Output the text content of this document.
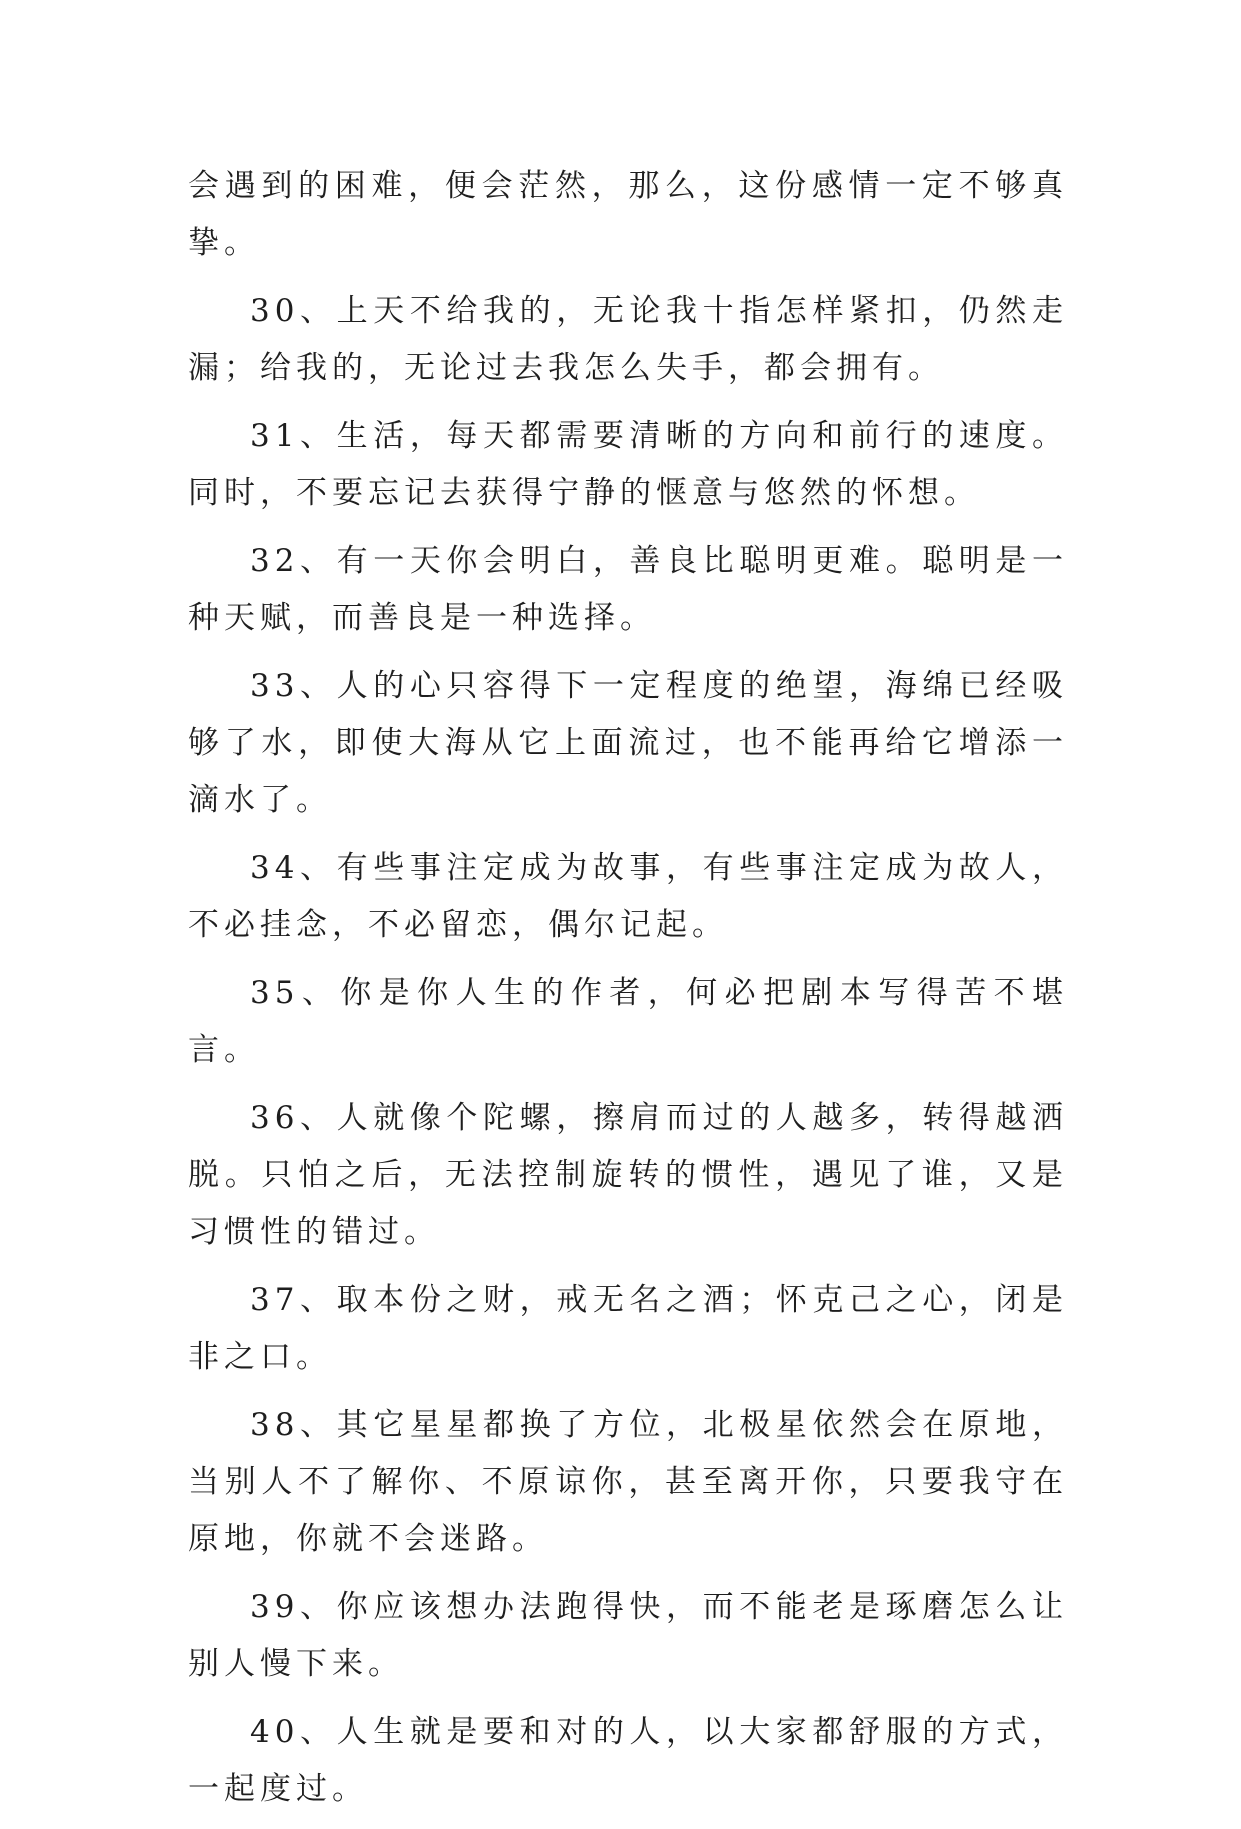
会遇到的困难，便会茫然，那么，这份感情一定不够真挚。

30、上天不给我的，无论我十指怎样紧扣，仍然走漏；给我的，无论过去我怎么失手，都会拥有。

31、生活，每天都需要清晰的方向和前行的速度。同时，不要忘记去获得宁静的惬意与悠然的怀想。

32、有一天你会明白，善良比聪明更难。聪明是一种天赋，而善良是一种选择。

33、人的心只容得下一定程度的绝望，海绵已经吸够了水，即使大海从它上面流过，也不能再给它增添一滴水了。

34、有些事注定成为故事，有些事注定成为故人，不必挂念，不必留恋，偶尔记起。

35、你是你人生的作者，何必把剧本写得苦不堪言。

36、人就像个陀螺，擦肩而过的人越多，转得越洒脱。只怕之后，无法控制旋转的惯性，遇见了谁，又是习惯性的错过。

37、取本份之财，戒无名之酒；怀克己之心，闭是非之口。

38、其它星星都换了方位，北极星依然会在原地，当别人不了解你、不原谅你，甚至离开你，只要我守在原地，你就不会迷路。

39、你应该想办法跑得快，而不能老是琢磨怎么让别人慢下来。

40、人生就是要和对的人，以大家都舒服的方式，一起度过。
